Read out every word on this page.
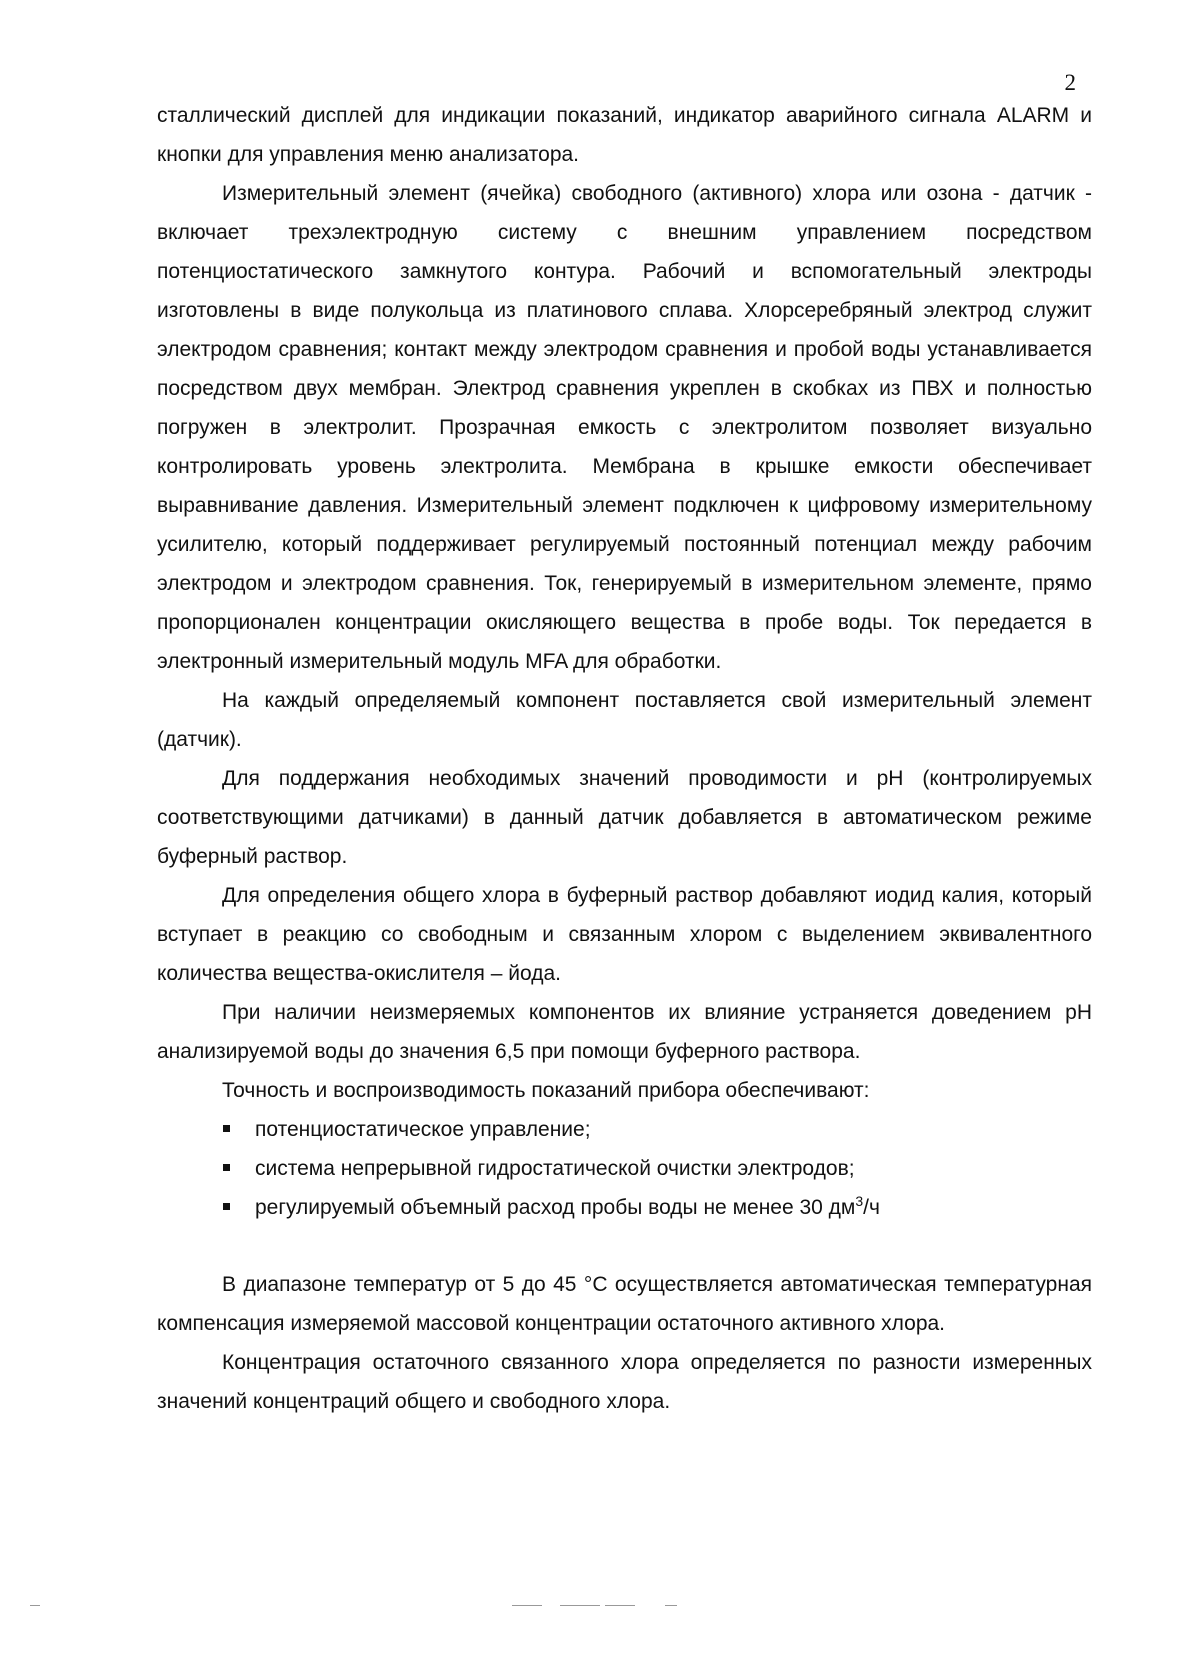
2

сталлический дисплей для индикации показаний, индикатор аварийного сигнала ALARM и кнопки для управления меню анализатора.

Измерительный элемент (ячейка) свободного (активного) хлора или озона - датчик - включает трехэлектродную систему с внешним управлением посредством потенциостатического замкнутого контура. Рабочий и вспомогательный электроды изготовлены в виде полукольца из платинового сплава. Хлорсеребряный электрод служит электродом сравнения; контакт между электродом сравнения и пробой воды устанавливается посредством двух мембран. Электрод сравнения укреплен в скобках из ПВХ и полностью погружен в электролит. Прозрачная емкость с электролитом позволяет визуально контролировать уровень электролита. Мембрана в крышке емкости обеспечивает выравнивание давления. Измерительный элемент подключен к цифровому измерительному усилителю, который поддерживает регулируемый постоянный потенциал между рабочим электродом и электродом сравнения. Ток, генерируемый в измерительном элементе, прямо пропорционален концентрации окисляющего вещества в пробе воды. Ток передается в электронный измерительный модуль MFA для обработки.

На каждый определяемый компонент поставляется свой измерительный элемент (датчик).

Для поддержания необходимых значений проводимости и pH (контролируемых соответствующими датчиками) в данный датчик добавляется в автоматическом режиме буферный раствор.

Для определения общего хлора в буферный раствор добавляют иодид калия, который вступает в реакцию со свободным и связанным хлором с выделением эквивалентного количества вещества-окислителя – йода.

При наличии неизмеряемых компонентов их влияние устраняется доведением pH анализируемой воды до значения 6,5 при помощи буферного раствора.

Точность и воспроизводимость показаний прибора обеспечивают:

потенциостатическое управление;
система непрерывной гидростатической очистки электродов;
регулируемый объемный расход пробы воды не менее 30 $дм^3/ч$

В диапазоне температур от 5 до 45 °С осуществляется автоматическая температурная компенсация измеряемой массовой концентрации остаточного активного хлора.

Концентрация остаточного связанного хлора определяется по разности измеренных значений концентраций общего и свободного хлора.
